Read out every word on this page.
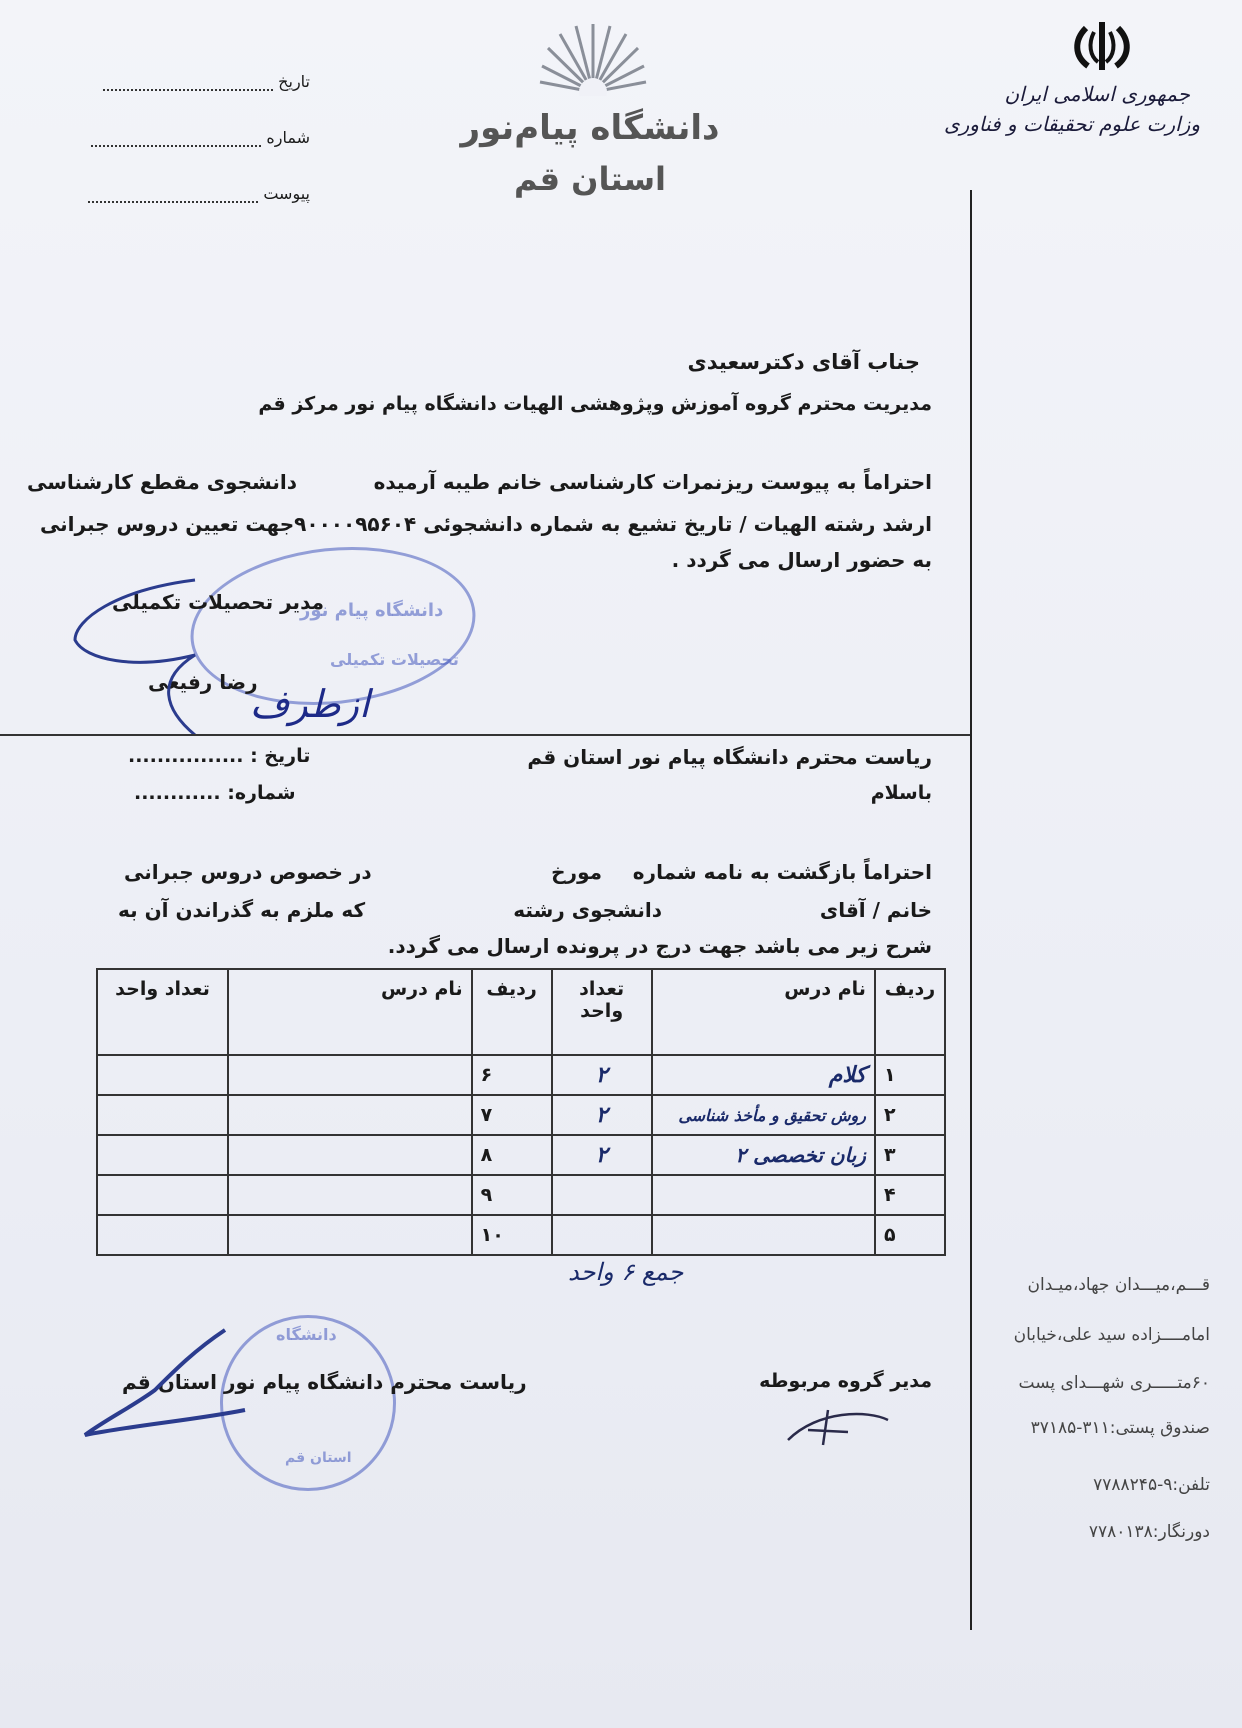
جمهوری اسلامی ایران
وزارت علوم تحقیقات و فناوری
دانشگاه پیام‌نور
استان قم
تاریخ
شماره
پیوست
جناب آقای دکترسعیدی
مدیریت محترم گروه آموزش وپژوهشی الهیات دانشگاه پیام نور مرکز قم
احتراماً به پیوست ریزنمرات کارشناسی خانم طیبه آرمیده           دانشجوی مقطع کارشناسی
ارشد رشته الهیات / تاریخ تشیع به شماره دانشجوئی ۹۰۰۰۰۹۵۶۰۴جهت تعیین دروس جبرانی
به حضور ارسال می گردد .
دانشگاه پیام نور
تحصیلات تکمیلی
مدیر تحصیلات تکمیلی
رضا رفیعی
ازطرف
ریاست محترم دانشگاه پیام نور استان قم
باسلام
تاریخ : ................
شماره: ............
احتراماً بازگشت به نامه شماره
مورخ
در خصوص دروس جبرانی
خانم / آقای
دانشجوی رشته
که ملزم به گذراندن آن به
شرح زیر می باشد جهت درج در پرونده ارسال می گردد.
ردیف	نام درس	تعداد واحد	ردیف	نام درس	تعداد واحد
۱	کلام	۲	۶		
۲	روش تحقیق و مأخذ شناسی	۲	۷		
۳	زبان تخصصی ۲	۲	۸		
۴			۹		
۵			۱۰		
جمع ۶ واحد
مدیر گروه مربوطه
دانشگاه
استان قم
ریاست محترم دانشگاه پیام نور استان قم
قـــم،میـــدان جهاد،میـدان
امامــــزاده سید علی،خیابان
۶۰متـــــری شهـــدای پست
صندوق پستی:۳۱۱-۳۷۱۸۵
تلفن:۹-۷۷۸۸۲۴۵
دورنگار:۷۷۸۰۱۳۸
